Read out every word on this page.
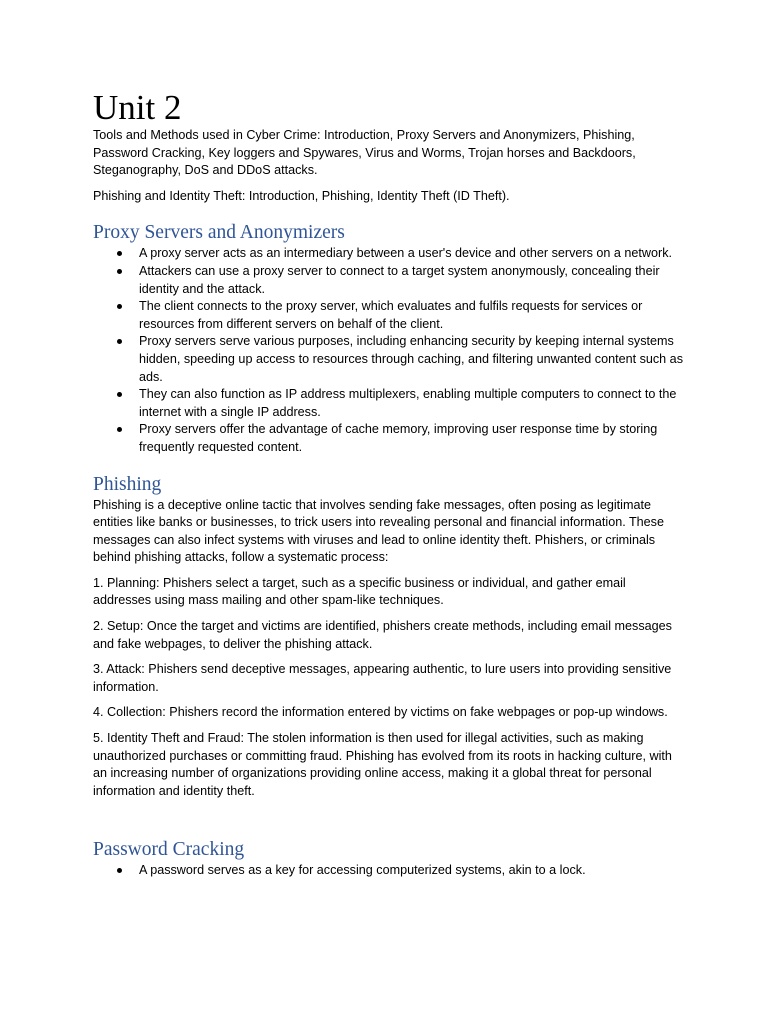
Unit 2

Tools and Methods used in Cyber Crime: Introduction, Proxy Servers and Anonymizers, Phishing, Password Cracking, Key loggers and Spywares, Virus and Worms, Trojan horses and Backdoors, Steganography, DoS and DDoS attacks.

Phishing and Identity Theft: Introduction, Phishing, Identity Theft (ID Theft).

Proxy Servers and Anonymizers
A proxy server acts as an intermediary between a user's device and other servers on a network.
Attackers can use a proxy server to connect to a target system anonymously, concealing their identity and the attack.
The client connects to the proxy server, which evaluates and fulfils requests for services or resources from different servers on behalf of the client.
Proxy servers serve various purposes, including enhancing security by keeping internal systems hidden, speeding up access to resources through caching, and filtering unwanted content such as ads.
They can also function as IP address multiplexers, enabling multiple computers to connect to the internet with a single IP address.
Proxy servers offer the advantage of cache memory, improving user response time by storing frequently requested content.
Phishing

Phishing is a deceptive online tactic that involves sending fake messages, often posing as legitimate entities like banks or businesses, to trick users into revealing personal and financial information. These messages can also infect systems with viruses and lead to online identity theft. Phishers, or criminals behind phishing attacks, follow a systematic process:

1. Planning: Phishers select a target, such as a specific business or individual, and gather email addresses using mass mailing and other spam-like techniques.

2. Setup: Once the target and victims are identified, phishers create methods, including email messages and fake webpages, to deliver the phishing attack.

3. Attack: Phishers send deceptive messages, appearing authentic, to lure users into providing sensitive information.

4. Collection: Phishers record the information entered by victims on fake webpages or pop-up windows.

5. Identity Theft and Fraud: The stolen information is then used for illegal activities, such as making unauthorized purchases or committing fraud. Phishing has evolved from its roots in hacking culture, with an increasing number of organizations providing online access, making it a global threat for personal information and identity theft.

Password Cracking
A password serves as a key for accessing computerized systems, akin to a lock.
